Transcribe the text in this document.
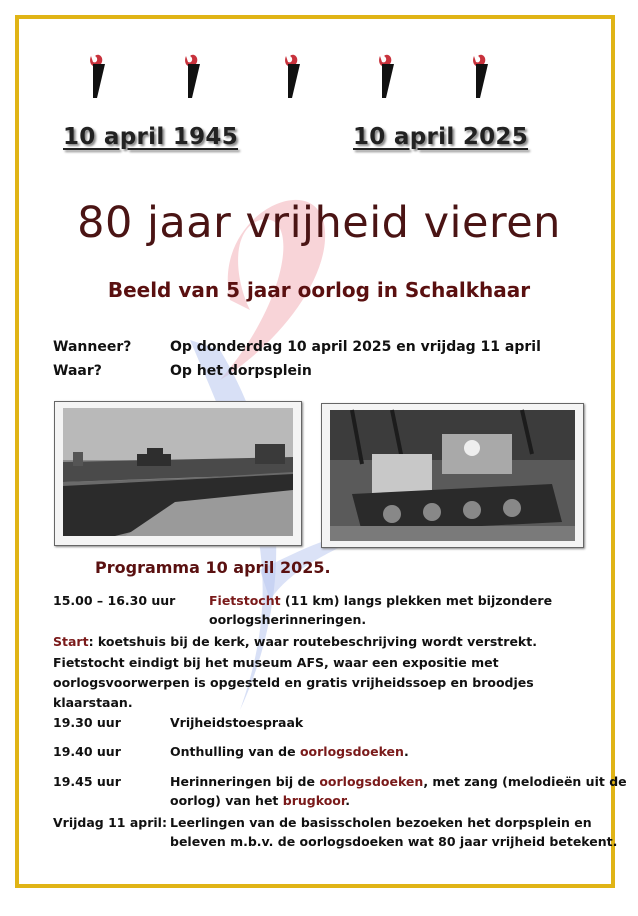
10 april 1945	10 april 2025
80 jaar vrijheid vieren
Beeld van 5 jaar oorlog in Schalkhaar
Wanneer?	Op donderdag 10 april 2025 en vrijdag 11 april
Waar?	Op het dorpsplein
Programma 10 april 2025.
15.00 – 16.30 uur	Fietstocht (11 km) langs plekken met bijzondere
oorlogsherinneringen.
Start: koetshuis bij de kerk, waar routebeschrijving wordt verstrekt.
Fietstocht eindigt bij het museum AFS, waar een expositie met
oorlogsvoorwerpen is opgesteld en gratis vrijheidssoep en broodjes
klaarstaan.
19.30 uur	Vrijheidstoespraak
19.40 uur	Onthulling van de oorlogsdoeken.
19.45 uur	Herinneringen bij de oorlogsdoeken, met zang (melodieën uit de
oorlog) van het brugkoor.
Vrijdag 11 april: Leerlingen van de basisscholen bezoeken het dorpsplein en
beleven m.b.v. de oorlogsdoeken wat 80 jaar vrijheid betekent.
